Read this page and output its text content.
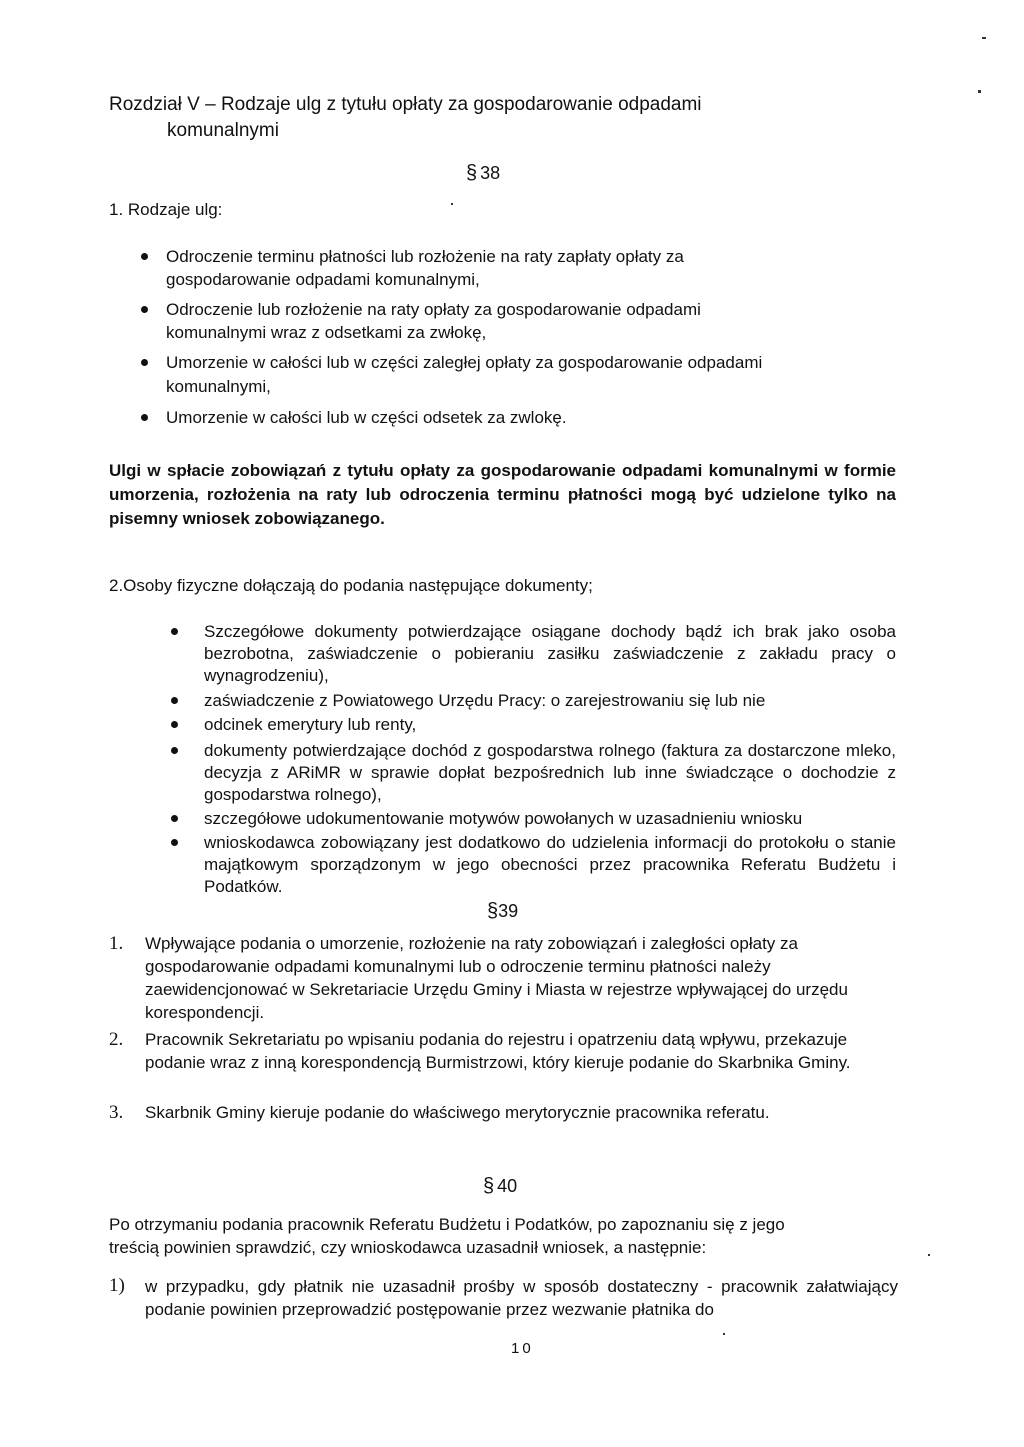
Rozdział V – Rodzaje ulg z tytułu opłaty za gospodarowanie odpadami
komunalnymi
§ 38
1. Rodzaje ulg:
Odroczenie terminu płatności lub rozłożenie na raty zapłaty opłaty za gospodarowanie odpadami komunalnymi,
Odroczenie lub rozłożenie na raty opłaty za gospodarowanie odpadami komunalnymi wraz z odsetkami za zwłokę,
Umorzenie w całości lub w części zaległej opłaty za gospodarowanie odpadami komunalnymi,
Umorzenie w całości lub w części odsetek za zwlokę.

Ulgi w spłacie zobowiązań z tytułu opłaty za gospodarowanie odpadami komunalnymi w formie umorzenia, rozłożenia na raty lub odroczenia terminu płatności mogą być udzielone tylko na pisemny wniosek zobowiązanego.

2.Osoby fizyczne dołączają do podania następujące dokumenty;
Szczegółowe dokumenty potwierdzające osiągane dochody bądź ich brak jako osoba bezrobotna, zaświadczenie o pobieraniu zasiłku zaświadczenie z zakładu pracy o wynagrodzeniu),
zaświadczenie z Powiatowego Urzędu Pracy: o zarejestrowaniu się lub nie
odcinek emerytury lub renty,
dokumenty potwierdzające dochód z gospodarstwa rolnego (faktura za dostarczone mleko, decyzja z ARiMR w sprawie dopłat bezpośrednich lub inne świadczące o dochodzie z gospodarstwa rolnego),
szczegółowe udokumentowanie motywów powołanych w uzasadnieniu wniosku
wnioskodawca zobowiązany jest dodatkowo do udzielenia informacji do protokołu o stanie majątkowym sporządzonym w jego obecności przez pracownika Referatu Budżetu i Podatków.
§39
1. Wpływające podania o umorzenie, rozłożenie na raty zobowiązań i zaległości opłaty za gospodarowanie odpadami komunalnymi lub o odroczenie terminu płatności należy zaewidencjonować w Sekretariacie Urzędu Gminy i Miasta w rejestrze wpływającej do urzędu korespondencji.
2. Pracownik Sekretariatu po wpisaniu podania do rejestru i opatrzeniu datą wpływu, przekazuje podanie wraz z inną korespondencją Burmistrzowi, który kieruje podanie do Skarbnika Gminy.
3. Skarbnik Gminy kieruje podanie do właściwego merytorycznie pracownika referatu.
§ 40

Po otrzymaniu podania pracownik Referatu Budżetu i Podatków, po zapoznaniu się z jego treścią powinien sprawdzić, czy wnioskodawca uzasadnił wniosek, a następnie:

1) w przypadku, gdy płatnik nie uzasadnił prośby w sposób dostateczny - pracownik załatwiający podanie powinien przeprowadzić postępowanie przez wezwanie płatnika do
10
